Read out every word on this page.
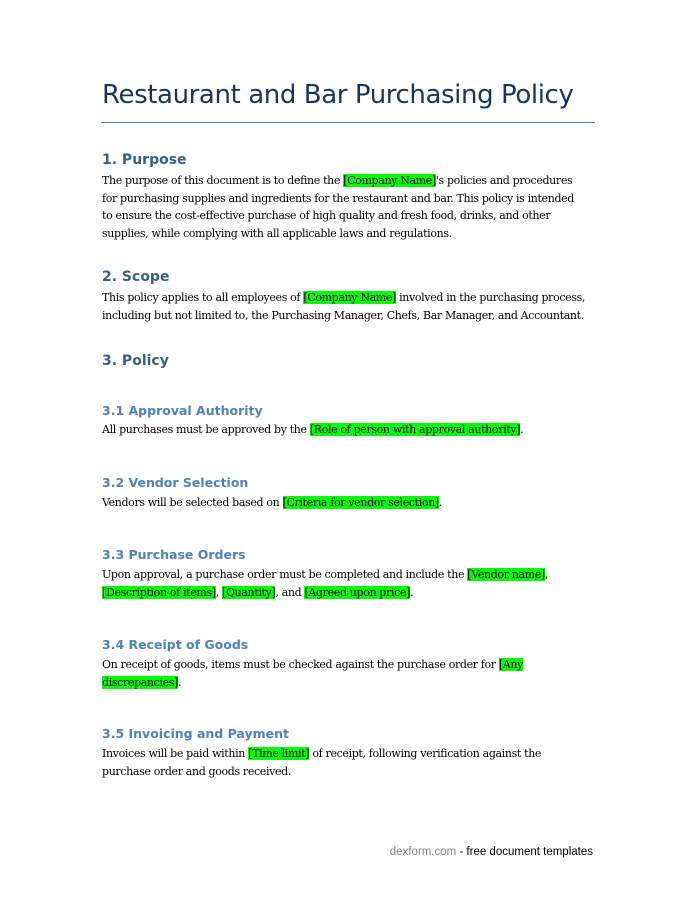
Restaurant and Bar Purchasing Policy
1. Purpose
The purpose of this document is to define the [Company Name]'s policies and procedures
for purchasing supplies and ingredients for the restaurant and bar. This policy is intended
to ensure the cost-effective purchase of high quality and fresh food, drinks, and other
supplies, while complying with all applicable laws and regulations.
2. Scope
This policy applies to all employees of [Company Name] involved in the purchasing process,
including but not limited to, the Purchasing Manager, Chefs, Bar Manager, and Accountant.
3. Policy
3.1 Approval Authority
All purchases must be approved by the [Role of person with approval authority].
3.2 Vendor Selection
Vendors will be selected based on [Criteria for vendor selection].
3.3 Purchase Orders
Upon approval, a purchase order must be completed and include the [Vendor name],
[Description of items], [Quantity], and [Agreed upon price].
3.4 Receipt of Goods
On receipt of goods, items must be checked against the purchase order for [Any
discrepancies].
3.5 Invoicing and Payment
Invoices will be paid within [Time limit] of receipt, following verification against the
purchase order and goods received.
dexform.com - free document templates
